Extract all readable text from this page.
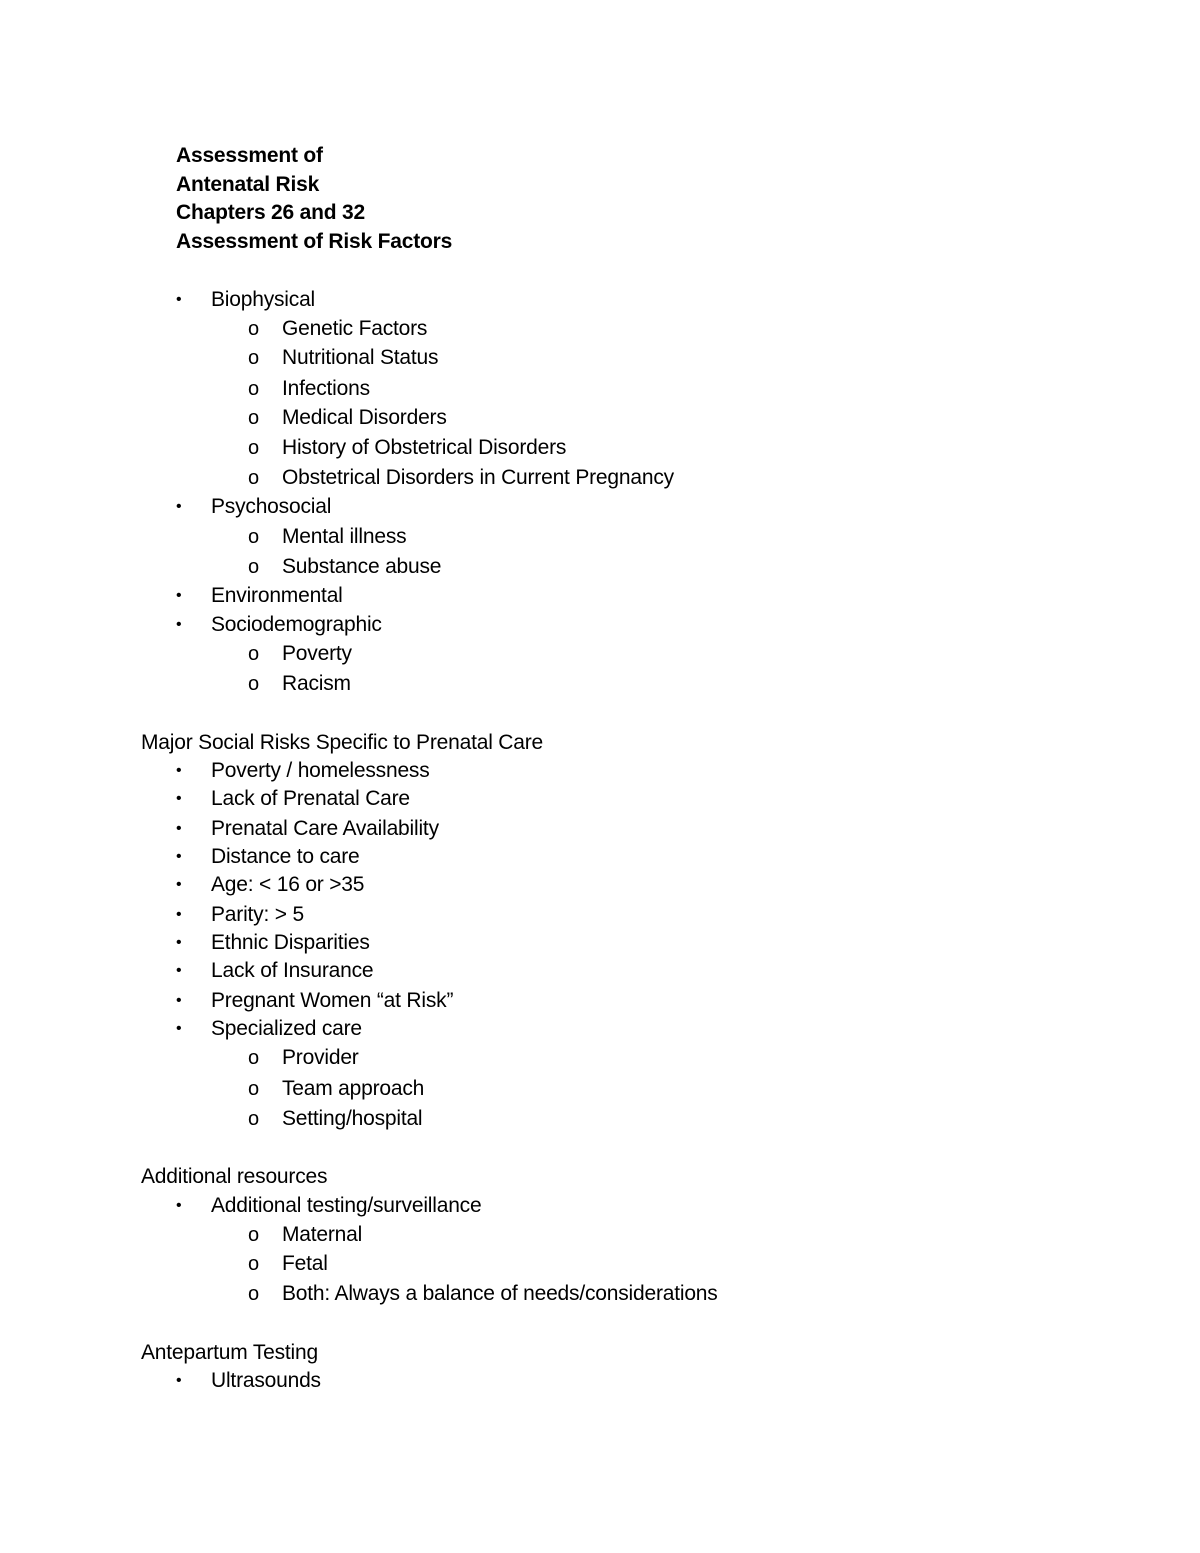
Assessment of
Antenatal Risk
Chapters 26 and 32
Assessment of Risk Factors
• Biophysical
o Genetic Factors
o Nutritional Status
o Infections
o Medical Disorders
o History of Obstetrical Disorders
o Obstetrical Disorders in Current Pregnancy
• Psychosocial
o Mental illness
o Substance abuse
• Environmental
• Sociodemographic
o Poverty
o Racism
Major Social Risks Specific to Prenatal Care
• Poverty / homelessness
• Lack of Prenatal Care
• Prenatal Care Availability
• Distance to care
• Age: < 16 or >35
• Parity: > 5
• Ethnic Disparities
• Lack of Insurance
• Pregnant Women “at Risk”
• Specialized care
o Provider
o Team approach
o Setting/hospital
Additional resources
• Additional testing/surveillance
o Maternal
o Fetal
o Both: Always a balance of needs/considerations
Antepartum Testing
• Ultrasounds
